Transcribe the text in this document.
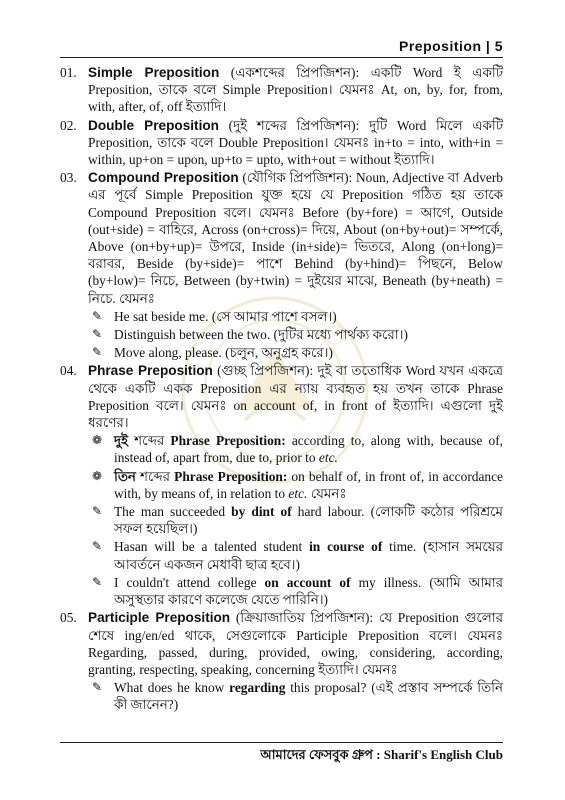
Preposition | 5
01. Simple Preposition (একশব্দের প্রিপজিশন): একটি Word ই একটি Preposition, তাকে বলে Simple Preposition। যেমনঃ At, on, by, for, from, with, after, of, off ইত্যাদি।
02. Double Preposition (দুই শব্দের প্রিপজিশন): দুটি Word মিলে একটি Preposition, তাকে বলে Double Preposition। যেমনঃ in+to = into, with+in = within, up+on = upon, up+to = upto, with+out = without ইত্যাদি।
03. Compound Preposition (যৌগিক প্রিপজিশন): Noun, Adjective বা Adverb এর পূর্বে Simple Preposition যুক্ত হয়ে যে Preposition গঠিত হয় তাকে Compound Preposition বলে। যেমনঃ Before (by+fore) = আগে, Outside (out+side) = বাহিরে, Across (on+cross)= দিয়ে, About (on+by+out)= সম্পর্কে, Above (on+by+up)= উপরে, Inside (in+side)= ভিতরে, Along (on+long)= বরাবর, Beside (by+side)= পাশে Behind (by+hind)= পিছনে, Below (by+low)= নিচে, Between (by+twin) = দুইয়ের মাঝে, Beneath (by+neath) = নিচে. যেমনঃ
✎ He sat beside me. (সে আমার পাশে বসল।)
✎ Distinguish between the two. (দুটির মধ্যে পার্থক্য করো।)
✎ Move along, please. (চলুন, অনুগ্রহ করে।)
04. Phrase Preposition (গুচ্ছ প্রিপজিশন): দুই বা ততোধিক Word যখন একত্রে থেকে একটি একক Preposition এর ন্যায় ব্যবহৃত হয় তখন তাকে Phrase Preposition বলে। যেমনঃ on account of, in front of ইত্যাদি। এগুলো দুই ধরণের।
❁ দুই শব্দের Phrase Preposition: according to, along with, because of, instead of, apart from, due to, prior to etc.
❁ তিন শব্দের Phrase Preposition: on behalf of, in front of, in accordance with, by means of, in relation to etc. যেমনঃ
✎ The man succeeded by dint of hard labour. (লোকটি কঠোর পরিশ্রমে সফল হয়েছিল।)
✎ Hasan will be a talented student in course of time. (হাসান সময়ের আবর্তনে একজন মেধাবী ছাত্র হবে।)
✎ I couldn't attend college on account of my illness. (আমি আমার অসুস্থতার কারণে কলেজে যেতে পারিনি।)
05. Participle Preposition (ক্রিয়াজাতিয় প্রিপজিশন): যে Preposition গুলোর শেষে ing/en/ed থাকে, সেগুলোকে Participle Preposition বলে। যেমনঃ Regarding, passed, during, provided, owing, considering, according, granting, respecting, speaking, concerning ইত্যাদি। যেমনঃ
✎ What does he know regarding this proposal? (এই প্রস্তাব সম্পর্কে তিনি কী জানেন?)
আমাদের ফেসবুক গ্রুপ : Sharif's English Club
